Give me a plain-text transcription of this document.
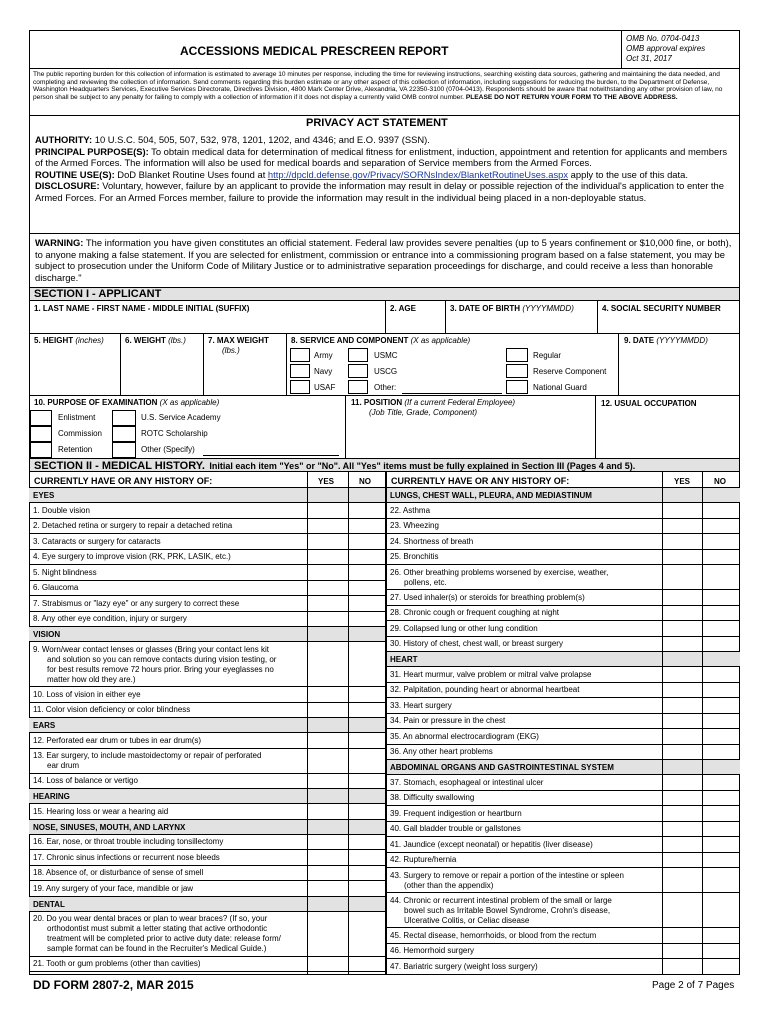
ACCESSIONS MEDICAL PRESCREEN REPORT
OMB No. 0704-0413
OMB approval expires
Oct 31, 2017
The public reporting burden for this collection of information is estimated to average 10 minutes per response, including the time for reviewing instructions, searching existing data sources, gathering and maintaining the data needed, and completing and reviewing the collection of information. Send comments regarding this burden estimate or any other aspect of this collection of information, including suggestions for reducing the burden, to the Department of Defense, Washington Headquarters Services, Executive Services Directorate, Directives Division, 4800 Mark Center Drive, Alexandria, VA 22350-3100 (0704-0413). Respondents should be aware that notwithstanding any other provision of law, no person shall be subject to any penalty for failing to comply with a collection of information if it does not display a currently valid OMB control number. PLEASE DO NOT RETURN YOUR FORM TO THE ABOVE ADDRESS.
PRIVACY ACT STATEMENT
AUTHORITY: 10 U.S.C. 504, 505, 507, 532, 978, 1201, 1202, and 4346; and E.O. 9397 (SSN).
PRINCIPAL PURPOSE(S): To obtain medical data for determination of medical fitness for enlistment, induction, appointment and retention for applicants and members of the Armed Forces. The information will also be used for medical boards and separation of Service members from the Armed Forces.
ROUTINE USE(S): DoD Blanket Routine Uses found at http://dpcld.defense.gov/Privacy/SORNsIndex/BlanketRoutineUses.aspx apply to the use of this data.
DISCLOSURE: Voluntary, however, failure by an applicant to provide the information may result in delay or possible rejection of the individual's application to enter the Armed Forces. For an Armed Forces member, failure to provide the information may result in the individual being placed in a non-deployable status.
WARNING: The information you have given constitutes an official statement. Federal law provides severe penalties (up to 5 years confinement or $10,000 fine, or both), to anyone making a false statement. If you are selected for enlistment, commission or entrance into a commissioning program based on a false statement, you may be subject to prosecution under the Uniform Code of Military Justice or to administrative separation proceedings for discharge, and could receive a less than honorable discharge."
SECTION I - APPLICANT
1. LAST NAME - FIRST NAME - MIDDLE INITIAL (SUFFIX)	2. AGE	3. DATE OF BIRTH (YYYYMMDD)	4. SOCIAL SECURITY NUMBER
5. HEIGHT (inches)	6. WEIGHT (lbs.)	7. MAX WEIGHT
(lbs.)
8. SERVICE AND COMPONENT (X as applicable)	9. DATE (YYYYMMDD)
Army
Navy
USAF
USMC
USCG
Other:
Regular
Reserve Component
National Guard
10. PURPOSE OF EXAMINATION (X as applicable)
Enlistment
Commission
Retention
U.S. Service Academy
ROTC Scholarship
Other (Specify)
11. POSITION (If a current Federal Employee)
(Job Title, Grade, Component)
12. USUAL OCCUPATION
SECTION II - MEDICAL HISTORY. Initial each item "Yes" or "No". All "Yes" items must be fully explained in Section III (Pages 4 and 5).
CURRENTLY HAVE OR ANY HISTORY OF:	YES	NO CURRENTLY HAVE OR ANY HISTORY OF:	YES	NO
EYES
1. Double vision
2. Detached retina or surgery to repair a detached retina
3. Cataracts or surgery for cataracts
4. Eye surgery to improve vision (RK, PRK, LASIK, etc.)
5. Night blindness
6. Glaucoma
7. Strabismus or "lazy eye" or any surgery to correct these
8. Any other eye condition, injury or surgery
VISION
9. Worn/wear contact lenses or glasses (Bring your contact lens kit
and solution so you can remove contacts during vision testing, or
for best results remove 72 hours prior. Bring your eyeglasses no
matter how old they are.)
10. Loss of vision in either eye
11. Color vision deficiency or color blindness
EARS
12. Perforated ear drum or tubes in ear drum(s)
13. Ear surgery, to include mastoidectomy or repair of perforated
ear drum
14. Loss of balance or vertigo
HEARING
15. Hearing loss or wear a hearing aid
NOSE, SINUSES, MOUTH, AND LARYNX
16. Ear, nose, or throat trouble including tonsillectomy
17. Chronic sinus infections or recurrent nose bleeds
18. Absence of, or disturbance of sense of smell
19. Any surgery of your face, mandible or jaw
DENTAL
20. Do you wear dental braces or plan to wear braces? (If so, your
orthodontist must submit a letter stating that active orthodontic
treatment will be completed prior to active duty date: release form/
sample format can be found in the Recruiter's Medical Guide.)
21. Tooth or gum problems (other than cavities)
LUNGS, CHEST WALL, PLEURA, AND MEDIASTINUM
22. Asthma
23. Wheezing
24. Shortness of breath
25. Bronchitis
26. Other breathing problems worsened by exercise, weather,
pollens, etc.
27. Used inhaler(s) or steroids for breathing problem(s)
28. Chronic cough or frequent coughing at night
29. Collapsed lung or other lung condition
30. History of chest, chest wall, or breast surgery
HEART
31. Heart murmur, valve problem or mitral valve prolapse
32. Palpitation, pounding heart or abnormal heartbeat
33. Heart surgery
34. Pain or pressure in the chest
35. An abnormal electrocardiogram (EKG)
36. Any other heart problems
ABDOMINAL ORGANS AND GASTROINTESTINAL SYSTEM
37. Stomach, esophageal or intestinal ulcer
38. Difficulty swallowing
39. Frequent indigestion or heartburn
40. Gall bladder trouble or gallstones
41. Jaundice (except neonatal) or hepatitis (liver disease)
42. Rupture/hernia
43. Surgery to remove or repair a portion of the intestine or spleen
(other than the appendix)
44. Chronic or recurrent intestinal problem of the small or large
bowel such as Irritable Bowel Syndrome, Crohn's disease,
Ulcerative Colitis, or Celiac disease
45. Rectal disease, hemorrhoids, or blood from the rectum
46. Hemorrhoid surgery
47. Bariatric surgery (weight loss surgery)
DD FORM 2807-2, MAR 2015	Page 2 of 7 Pages
